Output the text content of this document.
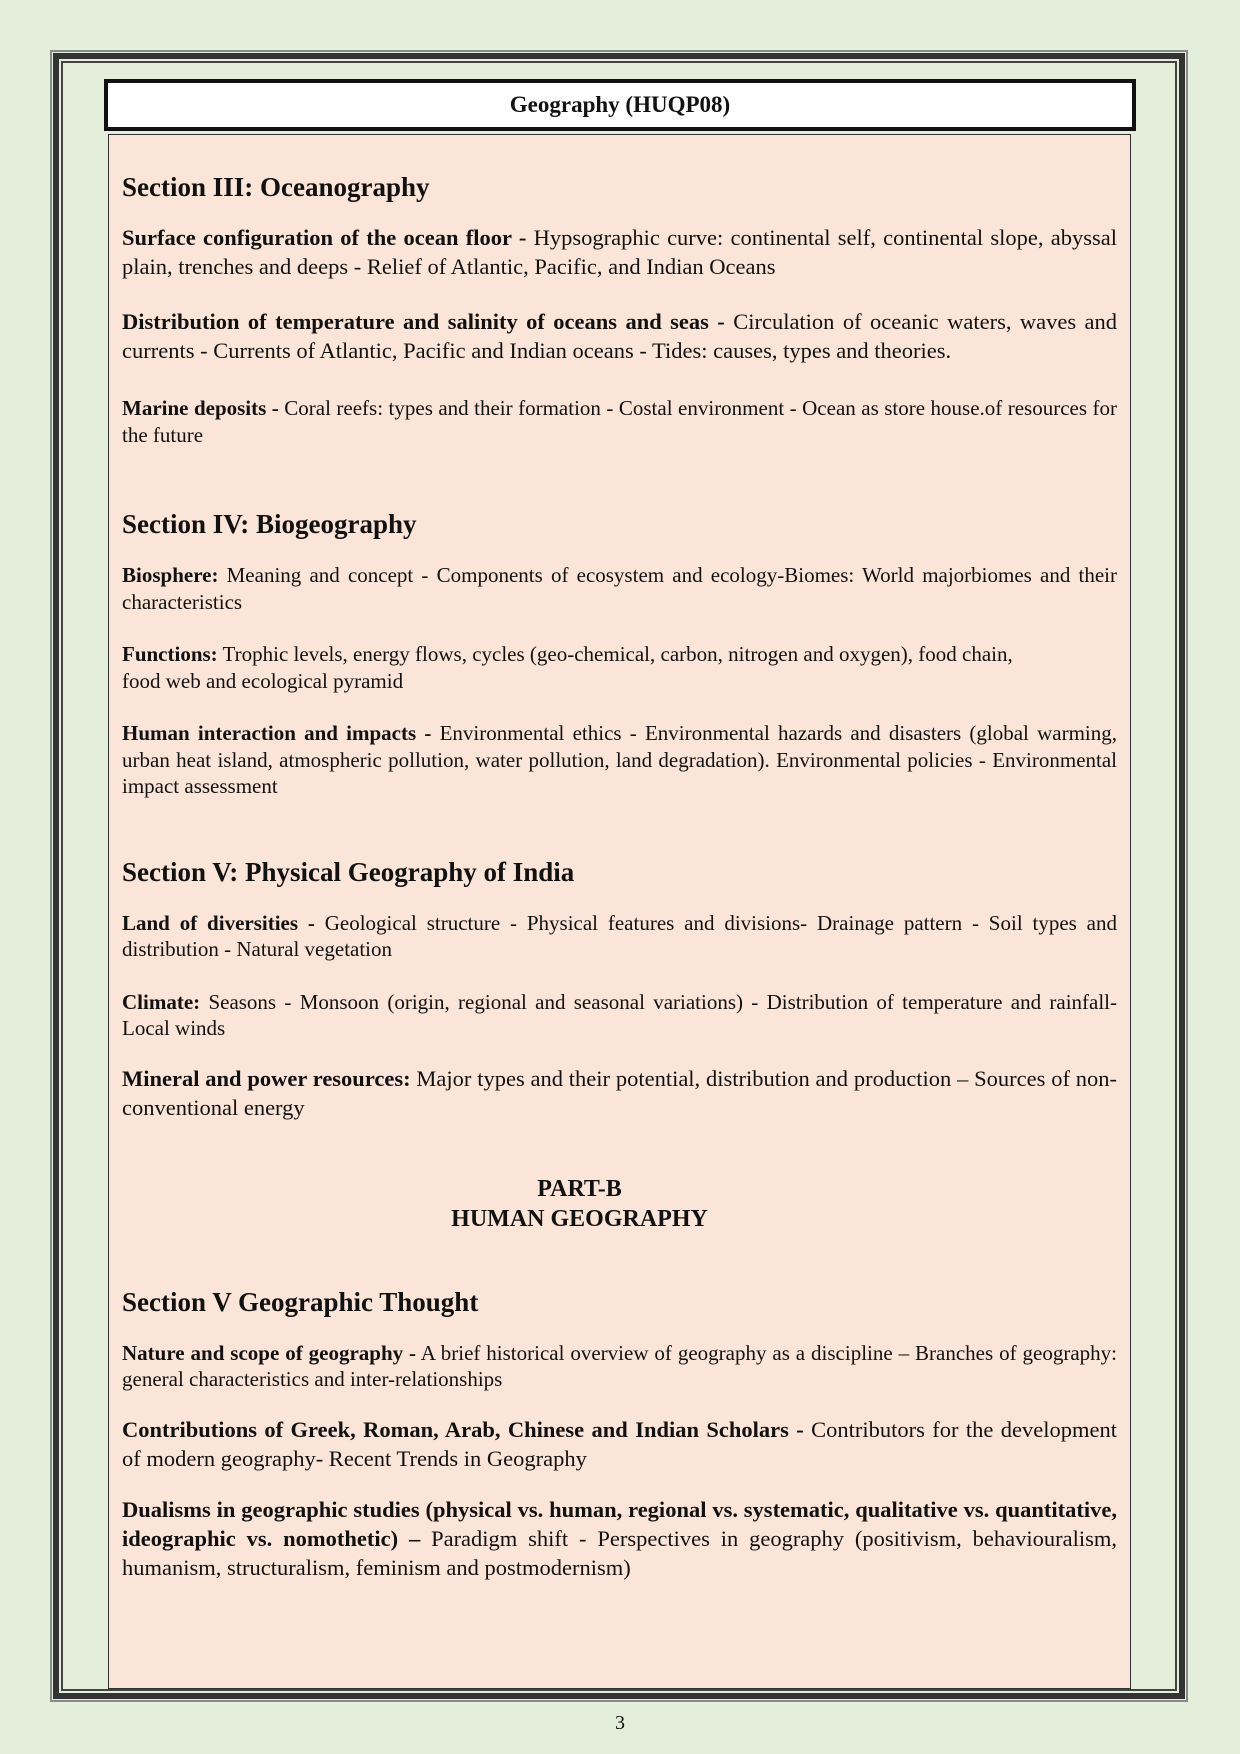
Geography (HUQP08)
Section III: Oceanography

Surface configuration of the ocean floor - Hypsographic curve: continental self, continental slope, abyssal plain, trenches and deeps - Relief of Atlantic, Pacific, and Indian Oceans

Distribution of temperature and salinity of oceans and seas - Circulation of oceanic waters, waves and currents - Currents of Atlantic, Pacific and Indian oceans - Tides: causes, types and theories.

Marine deposits - Coral reefs: types and their formation - Costal environment - Ocean as store house.of resources for the future

Section IV: Biogeography

Biosphere: Meaning and concept - Components of ecosystem and ecology-Biomes: World majorbiomes and their characteristics

Functions: Trophic levels, energy flows, cycles (geo-chemical, carbon, nitrogen and oxygen), food chain, food web and ecological pyramid

Human interaction and impacts - Environmental ethics - Environmental hazards and disasters (global warming, urban heat island, atmospheric pollution, water pollution, land degradation). Environmental policies - Environmental impact assessment

Section V: Physical Geography of India

Land of diversities - Geological structure - Physical features and divisions- Drainage pattern - Soil types and distribution - Natural vegetation

Climate: Seasons - Monsoon (origin, regional and seasonal variations) - Distribution of temperature and rainfall- Local winds

Mineral and power resources: Major types and their potential, distribution and production – Sources of non-conventional energy

PART-B

HUMAN GEOGRAPHY

Section V Geographic Thought

Nature and scope of geography - A brief historical overview of geography as a discipline – Branches of geography: general characteristics and inter-relationships

Contributions of Greek, Roman, Arab, Chinese and Indian Scholars - Contributors for the development of modern geography- Recent Trends in Geography

Dualisms in geographic studies (physical vs. human, regional vs. systematic, qualitative vs. quantitative, ideographic vs. nomothetic) – Paradigm shift - Perspectives in geography (positivism, behaviouralism, humanism, structuralism, feminism and postmodernism)

3
